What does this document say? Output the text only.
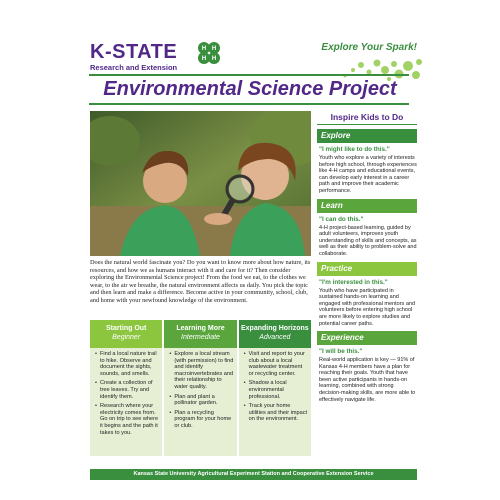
K-STATE
Research and Extension
H H
H H
Explore Your Spark!
Environmental Science Project
Does the natural world fascinate you? Do you want to know more about how nature, its resources, and how we as humans interact with it and care for it? Then consider exploring the Environmental Science project! From the food we eat, to the clothes we wear, to the air we breathe, the natural environment affects us daily. You pick the topic and then learn and make a difference. Become active in your community, school, club, and home with your newfound knowledge of the environment.
Starting Out
Beginner
• Find a local nature trail to hike. Observe and document the sights, sounds, and smells.
• Create a collection of tree leaves. Try and identify them.
• Research where your electricity comes from. Go on trip to see where it begins and the path it takes to you.
Learning More
Intermediate
• Explore a local stream (with permission) to find and identify macroinvertebrates and their relationship to water quality.
• Plan and plant a pollinator garden.
• Plan a recycling program for your home or club.
Expanding Horizons
Advanced
• Visit and report to your club about a local wastewater treatment or recycling center.
• Shadow a local environmental professional.
• Track your home utilities and their impact on the environment.
Inspire Kids to Do
Explore
"I might like to do this."
Youth who explore a variety of interests before high school, through experiences like 4-H camps and educational events, can develop early interest in a career path and improve their academic performance.
Learn
"I can do this."
4-H project-based learning, guided by adult volunteers, improves youth understanding of skills and concepts, as well as their ability to problem-solve and collaborate.
Practice
"I'm interested in this."
Youth who have participated in sustained hands-on learning and engaged with professional mentors and volunteers before entering high school are more likely to explore studies and potential career paths.
Experience
"I will be this."
Real-world application is key — 91% of Kansas 4-H members have a plan for reaching their goals. Youth that have been active participants in hands-on learning, combined with strong decision-making skills, are more able to effectively navigate life.
Kansas State University Agricultural Experiment Station and Cooperative Extension Service
